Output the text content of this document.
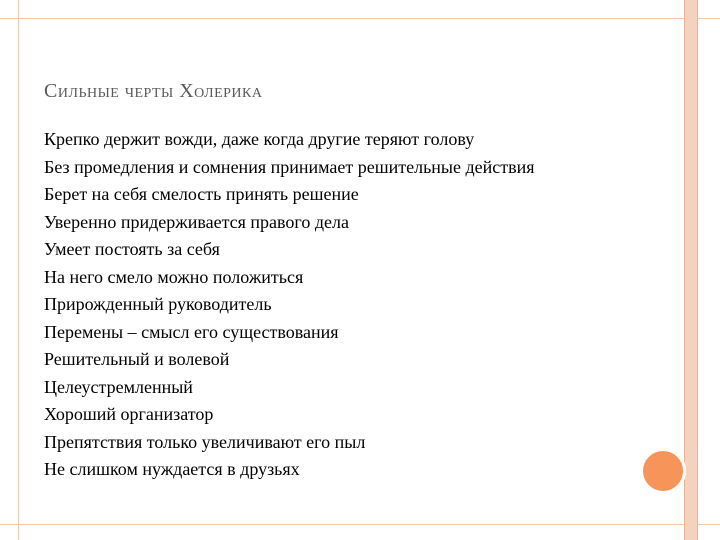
Сильные черты Холерика
Крепко держит вожди, даже когда другие теряют голову
Без промедления и сомнения принимает решительные действия
Берет на себя смелость принять решение
Уверенно придерживается правого дела
Умеет постоять за себя
На него смело можно положиться
Прирожденный руководитель
Перемены – смысл его существования
Решительный и волевой
Целеустремленный
Хороший организатор
Препятствия только увеличивают его пыл
Не слишком нуждается в друзьях
